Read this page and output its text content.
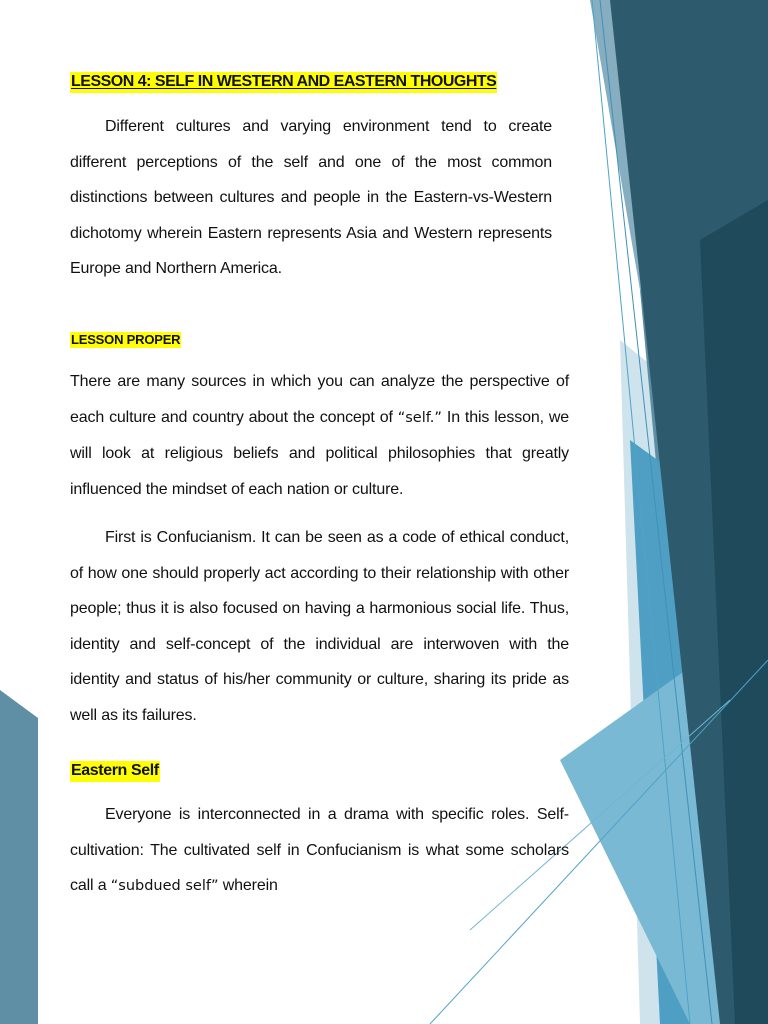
LESSON 4: SELF IN WESTERN AND EASTERN THOUGHTS

Different cultures and varying environment tend to create different perceptions of the self and one of the most common distinctions between cultures and people in the Eastern-vs-Western dichotomy wherein Eastern represents Asia and Western represents Europe and Northern America.

LESSON PROPER

There are many sources in which you can analyze the perspective of each culture and country about the concept of “self.” In this lesson, we will look at religious beliefs and political philosophies that greatly influenced the mindset of each nation or culture.

First is Confucianism. It can be seen as a code of ethical conduct, of how one should properly act according to their relationship with other people; thus it is also focused on having a harmonious social life. Thus, identity and self-concept of the individual are interwoven with the identity and status of his/her community or culture, sharing its pride as well as its failures.

Eastern Self

Everyone is interconnected in a drama with specific roles. Self-cultivation: The cultivated self in Confucianism is what some scholars call a “subdued self” wherein
